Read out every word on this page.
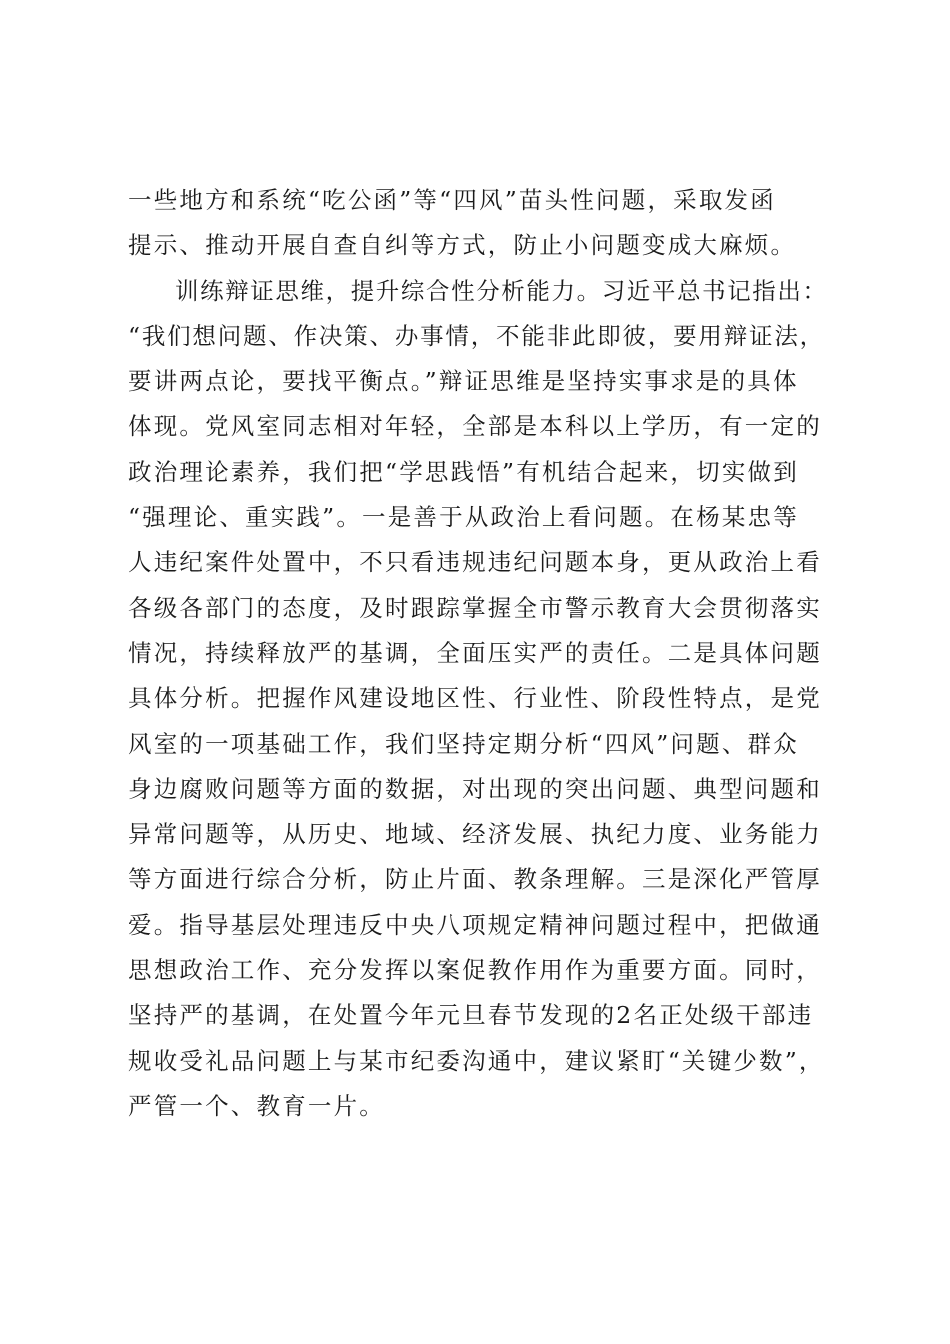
一些地方和系统“吃公函”等“四风”苗头性问题，采取发函
提示、推动开展自查自纠等方式，防止小问题变成大麻烦。
训练辩证思维，提升综合性分析能力。习近平总书记指出：
“我们想问题、作决策、办事情，不能非此即彼，要用辩证法，
要讲两点论，要找平衡点。”辩证思维是坚持实事求是的具体
体现。党风室同志相对年轻，全部是本科以上学历，有一定的
政治理论素养，我们把“学思践悟”有机结合起来，切实做到
“强理论、重实践”。一是善于从政治上看问题。在杨某忠等
人违纪案件处置中，不只看违规违纪问题本身，更从政治上看
各级各部门的态度，及时跟踪掌握全市警示教育大会贯彻落实
情况，持续释放严的基调，全面压实严的责任。二是具体问题
具体分析。把握作风建设地区性、行业性、阶段性特点，是党
风室的一项基础工作，我们坚持定期分析“四风”问题、群众
身边腐败问题等方面的数据，对出现的突出问题、典型问题和
异常问题等，从历史、地域、经济发展、执纪力度、业务能力
等方面进行综合分析，防止片面、教条理解。三是深化严管厚
爱。指导基层处理违反中央八项规定精神问题过程中，把做通
思想政治工作、充分发挥以案促教作用作为重要方面。同时，
坚持严的基调，在处置今年元旦春节发现的2名正处级干部违
规收受礼品问题上与某市纪委沟通中，建议紧盯“关键少数”，
严管一个、教育一片。
